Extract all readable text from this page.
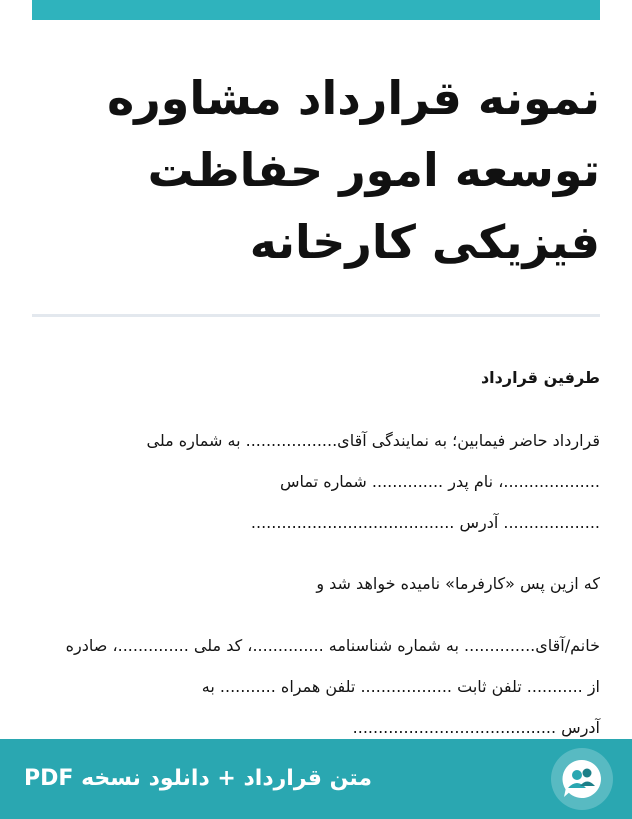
نمونه قرارداد مشاوره
توسعه امور حفاظت
فیزیکی کارخانه

طرفین قرارداد

قرارداد حاضر فیمابین؛ به نمایندگی آقای.................. به شماره ملی

...................، نام پدر .............. شماره تماس

................... آدرس ........................................

که ازین پس «کارفرما» نامیده خواهد شد و

خانم/آقای.............. به شماره شناسنامه ..............، کد ملی ..............، صادره

از ........... تلفن ثابت .................. تلفن همراه ........... به

آدرس ........................................

متن قرارداد + دانلود نسخه PDF
